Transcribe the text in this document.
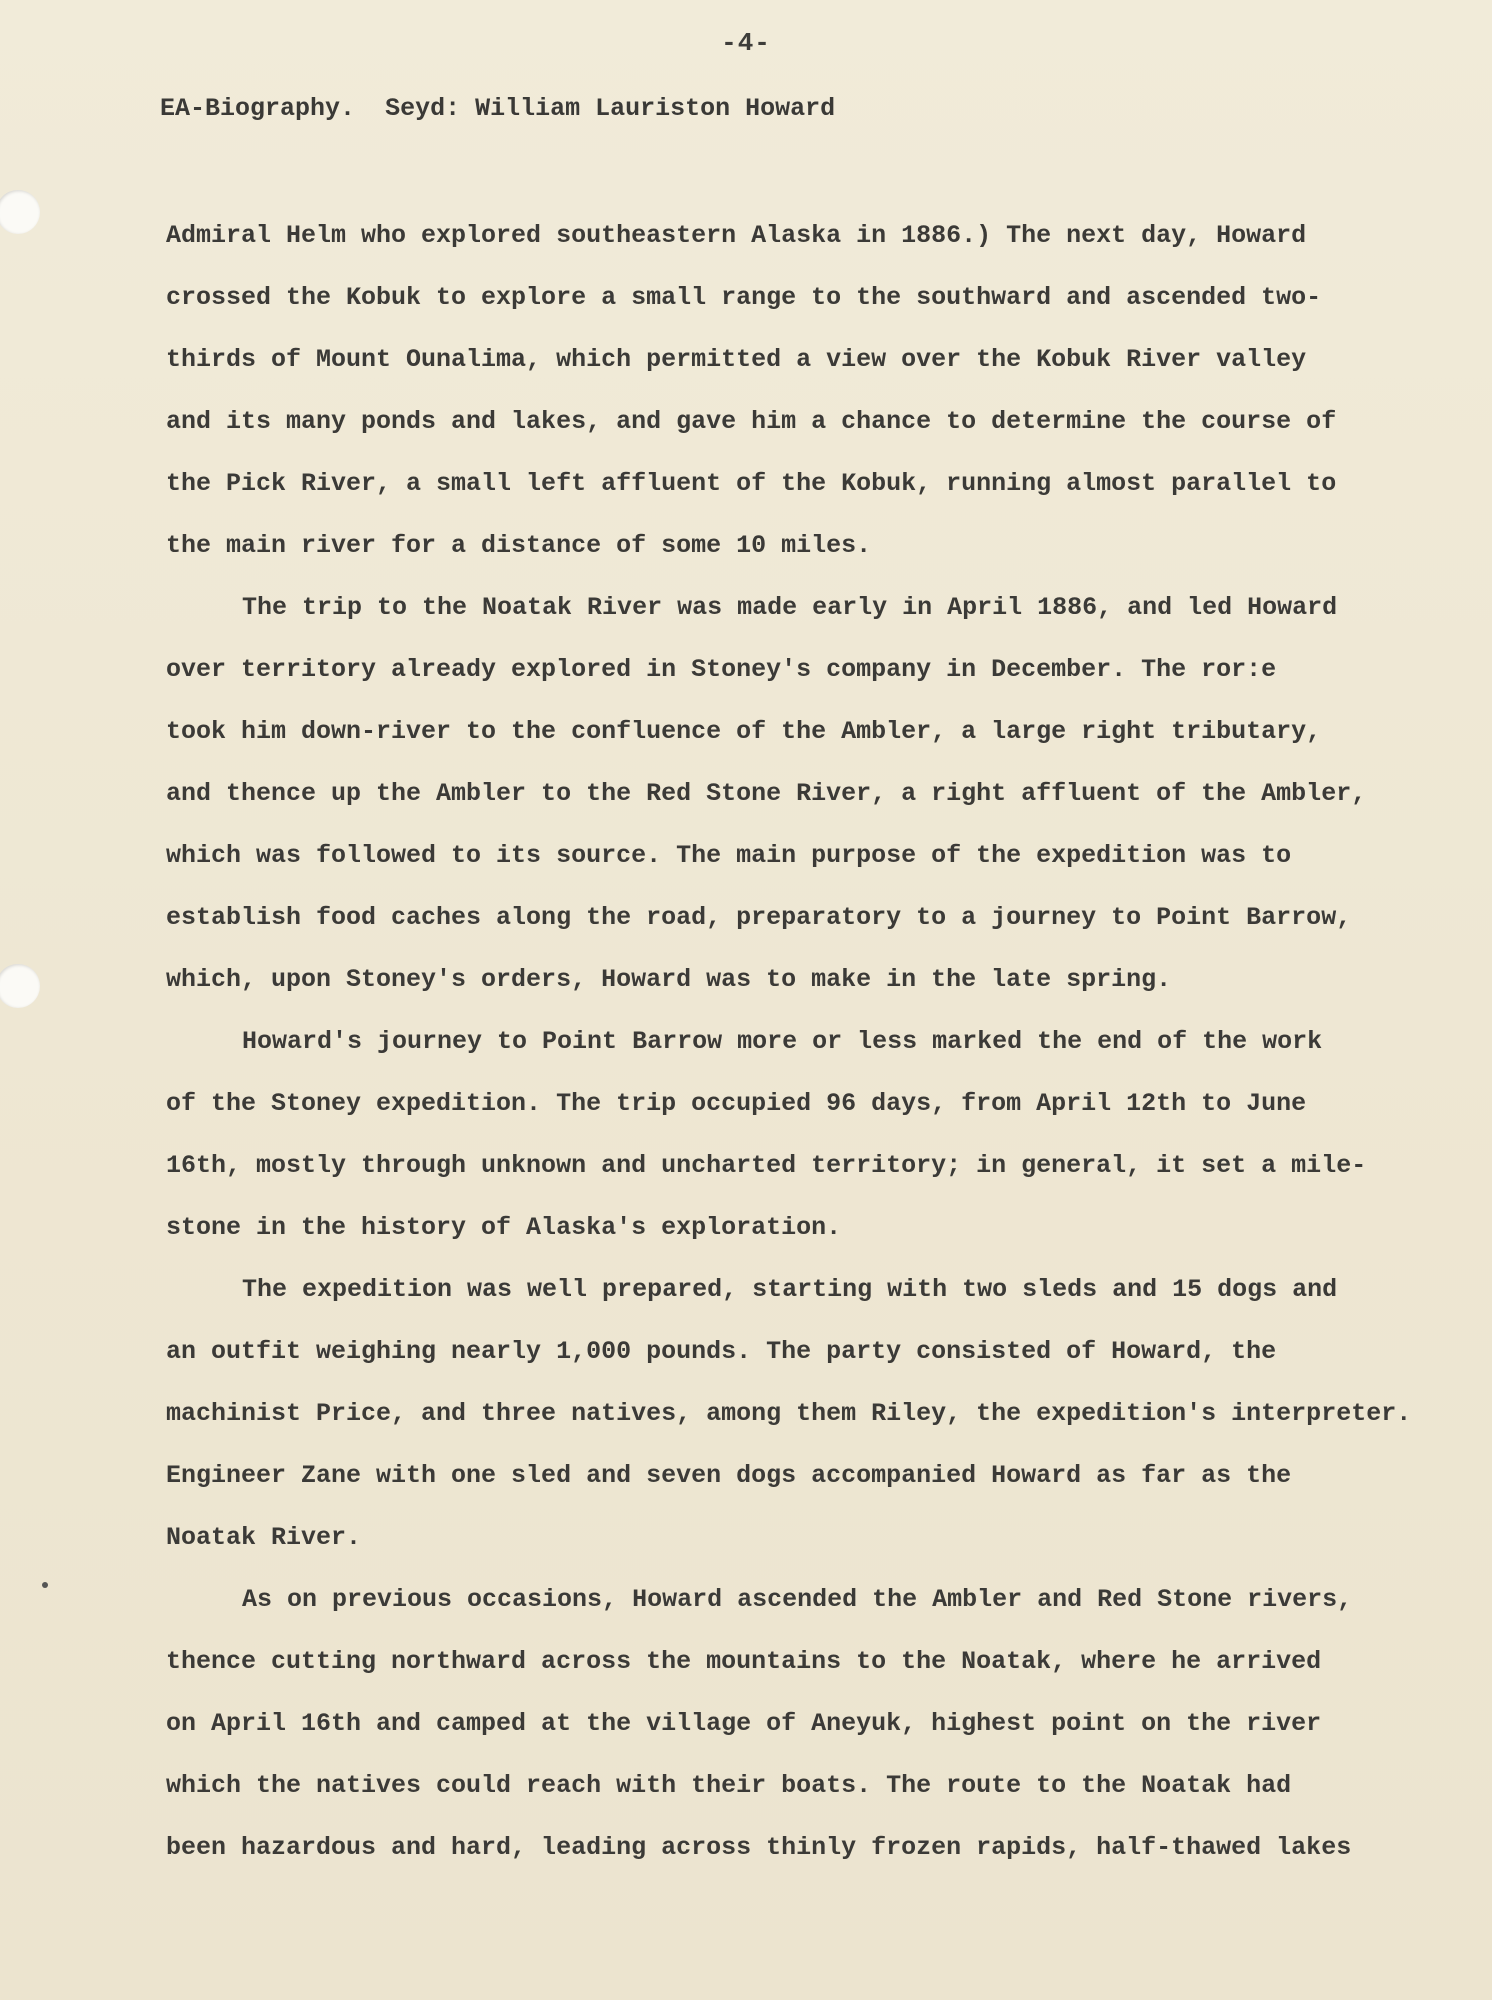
-4-
EA-Biography. Seyd: William Lauriston Howard
Admiral Helm who explored southeastern Alaska in 1886.) The next day, Howard
crossed the Kobuk to explore a small range to the southward and ascended two-
thirds of Mount Ounalima, which permitted a view over the Kobuk River valley
and its many ponds and lakes, and gave him a chance to determine the course of
the Pick River, a small left affluent of the Kobuk, running almost parallel to
the main river for a distance of some 10 miles.
The trip to the Noatak River was made early in April 1886, and led Howard
over territory already explored in Stoney's company in December. The ror:e
took him down-river to the confluence of the Ambler, a large right tributary,
and thence up the Ambler to the Red Stone River, a right affluent of the Ambler,
which was followed to its source. The main purpose of the expedition was to
establish food caches along the road, preparatory to a journey to Point Barrow,
which, upon Stoney's orders, Howard was to make in the late spring.
Howard's journey to Point Barrow more or less marked the end of the work
of the Stoney expedition. The trip occupied 96 days, from April 12th to June
16th, mostly through unknown and uncharted territory; in general, it set a mile-
stone in the history of Alaska's exploration.
The expedition was well prepared, starting with two sleds and 15 dogs and
an outfit weighing nearly 1,000 pounds. The party consisted of Howard, the
machinist Price, and three natives, among them Riley, the expedition's interpreter.
Engineer Zane with one sled and seven dogs accompanied Howard as far as the
Noatak River.
As on previous occasions, Howard ascended the Ambler and Red Stone rivers,
thence cutting northward across the mountains to the Noatak, where he arrived
on April 16th and camped at the village of Aneyuk, highest point on the river
which the natives could reach with their boats. The route to the Noatak had
been hazardous and hard, leading across thinly frozen rapids, half-thawed lakes
